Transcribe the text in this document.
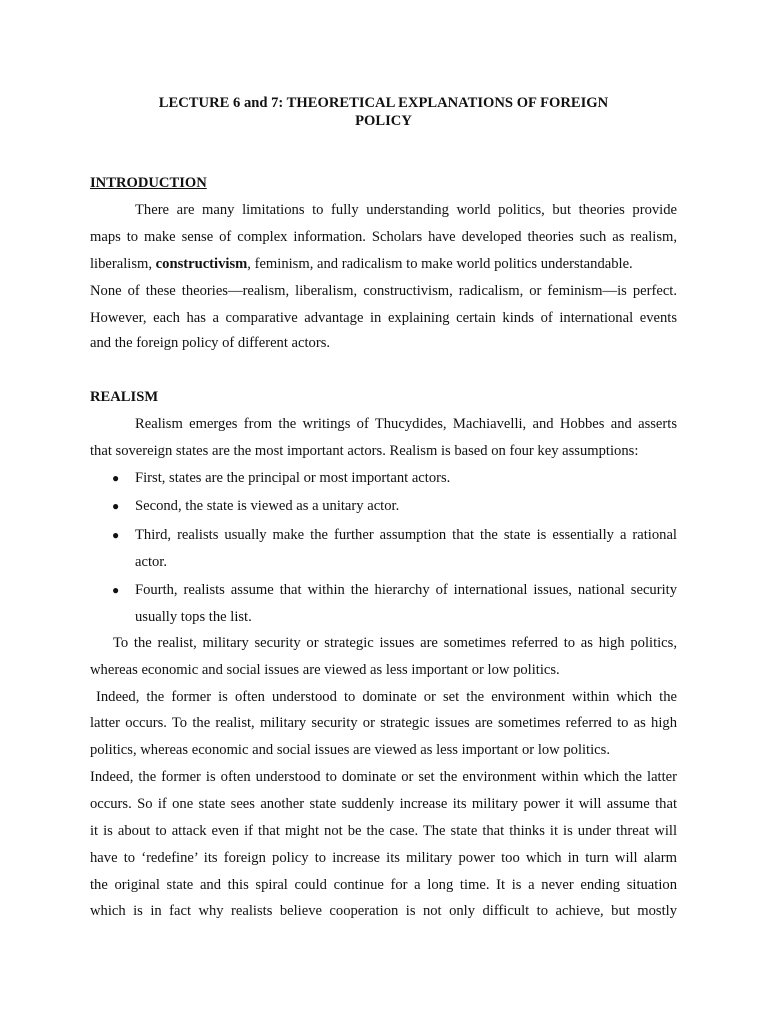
LECTURE 6 and 7: THEORETICAL EXPLANATIONS OF FOREIGN
POLICY
INTRODUCTION
There are many limitations to fully understanding world politics, but theories provide
maps to make sense of complex information. Scholars have developed theories such as realism,
liberalism, constructivism, feminism, and radicalism to make world politics understandable.
None of these theories—realism, liberalism, constructivism, radicalism, or feminism—is perfect.
However, each has a comparative advantage in explaining certain kinds of international events
and the foreign policy of different actors.
REALISM
Realism emerges from the writings of Thucydides, Machiavelli, and Hobbes and asserts
that sovereign states are the most important actors. Realism is based on four key assumptions:
● First, states are the principal or most important actors.
● Second, the state is viewed as a unitary actor.
● Third, realists usually make the further assumption that the state is essentially a rational
actor.
● Fourth, realists assume that within the hierarchy of international issues, national security
usually tops the list.
To the realist, military security or strategic issues are sometimes referred to as high politics,
whereas economic and social issues are viewed as less important or low politics.
Indeed, the former is often understood to dominate or set the environment within which the
latter occurs. To the realist, military security or strategic issues are sometimes referred to as high
politics, whereas economic and social issues are viewed as less important or low politics.
Indeed, the former is often understood to dominate or set the environment within which the latter
occurs. So if one state sees another state suddenly increase its military power it will assume that
it is about to attack even if that might not be the case. The state that thinks it is under threat will
have to ‘redefine’ its foreign policy to increase its military power too which in turn will alarm
the original state and this spiral could continue for a long time. It is a never ending situation
which is in fact why realists believe cooperation is not only difficult to achieve, but mostly
